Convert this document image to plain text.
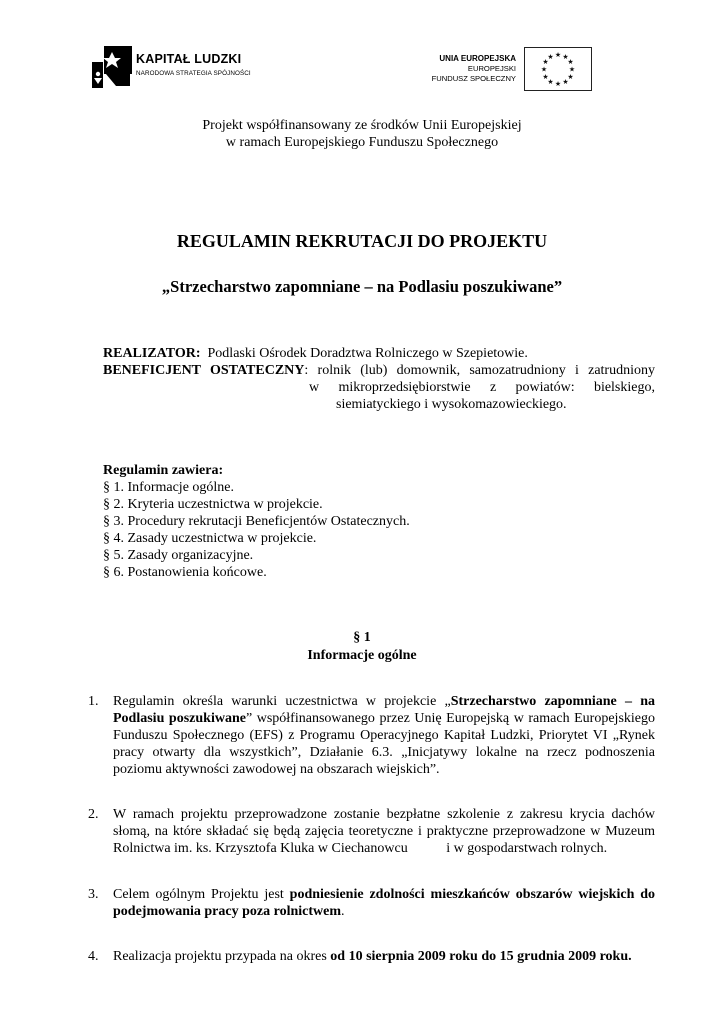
KAPITAŁ LUDZKI
NARODOWA STRATEGIA SPÓJNOŚCI
UNIA EUROPEJSKA
EUROPEJSKI
FUNDUSZ SPOŁECZNY
★ ★
★
★
★
★
★
★
★
★
★
★
Projekt współfinansowany ze środków Unii Europejskiej
w ramach Europejskiego Funduszu Społecznego
REGULAMIN REKRUTACJI DO PROJEKTU
„Strzecharstwo zapomniane – na Podlasiu poszukiwane”
REALIZATOR: Podlaski Ośrodek Doradztwa Rolniczego w Szepietowie.
BENEFICJENT OSTATECZNY: rolnik (lub) domownik, samozatrudniony i zatrudniony
w mikroprzedsiębiorstwie z powiatów: bielskiego,
siemiatyckiego i wysokomazowieckiego.
Regulamin zawiera:
§ 1. Informacje ogólne.
§ 2. Kryteria uczestnictwa w projekcie.
§ 3. Procedury rekrutacji Beneficjentów Ostatecznych.
§ 4. Zasady uczestnictwa w projekcie.
§ 5. Zasady organizacyjne.
§ 6. Postanowienia końcowe.
§ 1
Informacje ogólne
1. Regulamin określa warunki uczestnictwa w projekcie „Strzecharstwo zapomniane – na Podlasiu poszukiwane” współfinansowanego przez Unię Europejską w ramach Europejskiego Funduszu Społecznego (EFS) z Programu Operacyjnego Kapitał Ludzki, Priorytet VI „Rynek pracy otwarty dla wszystkich”, Działanie 6.3. „Inicjatywy lokalne na rzecz podnoszenia poziomu aktywności zawodowej na obszarach wiejskich”.
2. W ramach projektu przeprowadzone zostanie bezpłatne szkolenie z zakresu krycia dachów słomą, na które składać się będą zajęcia teoretyczne i praktyczne przeprowadzone w Muzeum Rolnictwa im. ks. Krzysztofa Kluka w Ciechanowcu           i w gospodarstwach rolnych.
3. Celem ogólnym Projektu jest podniesienie zdolności mieszkańców obszarów wiejskich do podejmowania pracy poza rolnictwem.
4. Realizacja projektu przypada na okres od 10 sierpnia 2009 roku do 15 grudnia 2009 roku.
